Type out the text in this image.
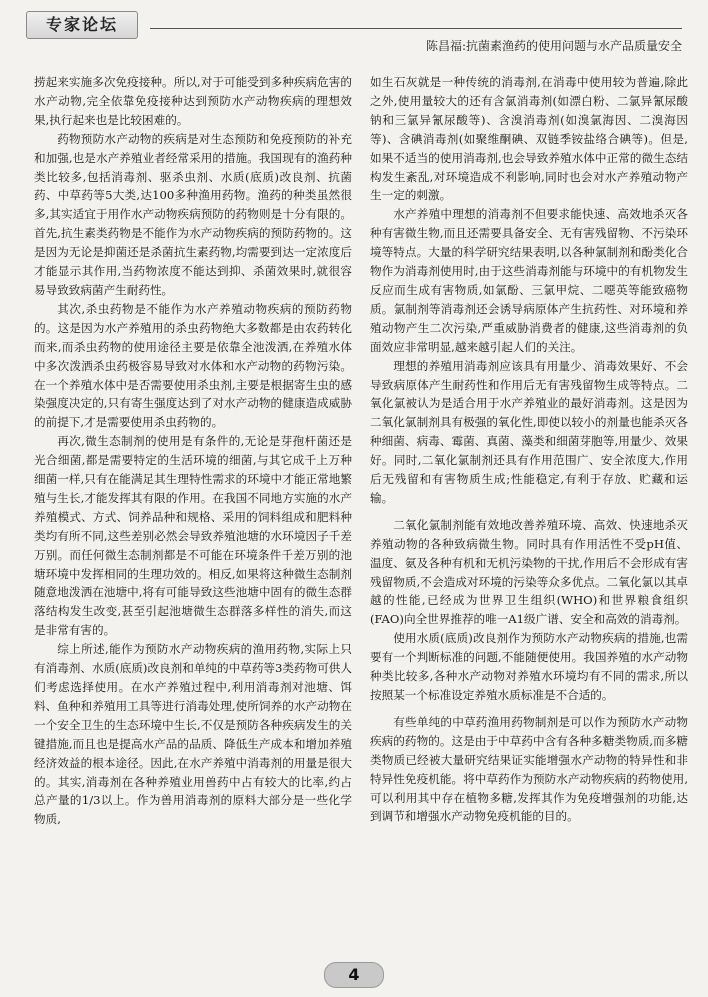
专家论坛
陈昌福:抗菌素渔药的使用问题与水产品质量安全

捞起来实施多次免疫接种。所以,对于可能受到多种疾病危害的水产动物,完全依靠免疫接种达到预防水产动物疾病的理想效果,执行起来也是比较困难的。

药物预防水产动物的疾病是对生态预防和免疫预防的补充和加强,也是水产养殖业者经常采用的措施。我国现有的渔药种类比较多,包括消毒剂、驱杀虫剂、水质(底质)改良剂、抗菌药、中草药等5大类,达100多种渔用药物。渔药的种类虽然很多,其实适宜于用作水产动物疾病预防的药物则是十分有限的。首先,抗生素类药物是不能作为水产动物疾病的预防药物的。这是因为无论是抑菌还是杀菌抗生素药物,均需要到达一定浓度后才能显示其作用,当药物浓度不能达到抑、杀菌效果时,就很容易导致致病菌产生耐药性。

其次,杀虫药物是不能作为水产养殖动物疾病的预防药物的。这是因为水产养殖用的杀虫药物绝大多数都是由农药转化而来,而杀虫药物的使用途径主要是依靠全池泼洒,在养殖水体中多次泼洒杀虫药极容易导致对水体和水产动物的药物污染。在一个养殖水体中是否需要使用杀虫剂,主要是根据寄生虫的感染强度决定的,只有寄生强度达到了对水产动物的健康造成威胁的前提下,才是需要使用杀虫药物的。

再次,微生态制剂的使用是有条件的,无论是芽孢杆菌还是光合细菌,都是需要特定的生活环境的细菌,与其它成千上万种细菌一样,只有在能满足其生理特性需求的环境中才能正常地繁殖与生长,才能发挥其有限的作用。在我国不同地方实施的水产养殖模式、方式、饲养品种和规格、采用的饲料组成和肥料种类均有所不同,这些差别必然会导致养殖池塘的水环境因子千差万别。而任何微生态制剂都是不可能在环境条件千差万别的池塘环境中发挥相同的生理功效的。相反,如果将这种微生态制剂随意地泼洒在池塘中,将有可能导致这些池塘中固有的微生态群落结构发生改变,甚至引起池塘微生态群落多样性的消失,而这是非常有害的。

综上所述,能作为预防水产动物疾病的渔用药物,实际上只有消毒剂、水质(底质)改良剂和单纯的中草药等3类药物可供人们考虑选择使用。在水产养殖过程中,利用消毒剂对池塘、饵料、鱼种和养殖用工具等进行消毒处理,使所饲养的水产动物在一个安全卫生的生态环境中生长,不仅是预防各种疾病发生的关键措施,而且也是提高水产品的品质、降低生产成本和增加养殖经济效益的根本途径。因此,在水产养殖中消毒剂的用量是很大的。其实,消毒剂在各种养殖业用兽药中占有较大的比率,约占总产量的1/3以上。作为兽用消毒剂的原料大部分是一些化学物质,

如生石灰就是一种传统的消毒剂,在消毒中使用较为普遍,除此之外,使用量较大的还有含氯消毒剂(如漂白粉、二氯异氰尿酸钠和三氯异氰尿酸等)、含溴消毒剂(如溴氯海因、二溴海因等)、含碘消毒剂(如聚维酮碘、双链季铵盐络合碘等)。但是,如果不适当的使用消毒剂,也会导致养殖水体中正常的微生态结构发生紊乱,对环境造成不利影响,同时也会对水产养殖动物产生一定的刺激。

水产养殖中理想的消毒剂不但要求能快速、高效地杀灭各种有害微生物,而且还需要具备安全、无有害残留物、不污染环境等特点。大量的科学研究结果表明,以各种氯制剂和酚类化合物作为消毒剂使用时,由于这些消毒剂能与环境中的有机物发生反应而生成有害物质,如氯酚、三氯甲烷、二噁英等能致癌物质。氯制剂等消毒剂还会诱导病原体产生抗药性、对环境和养殖动物产生二次污染,严重威胁消费者的健康,这些消毒剂的负面效应非常明显,越来越引起人们的关注。

理想的养殖用消毒剂应该具有用量少、消毒效果好、不会导致病原体产生耐药性和作用后无有害残留物生成等特点。二氧化氯被认为是适合用于水产养殖业的最好消毒剂。这是因为二氧化氯制剂具有极强的氧化性,即使以较小的剂量也能杀灭各种细菌、病毒、霉菌、真菌、藻类和细菌芽胞等,用量少、效果好。同时,二氧化氯制剂还具有作用范围广、安全浓度大,作用后无残留和有害物质生成;性能稳定,有利于存放、贮藏和运输。

二氧化氯制剂能有效地改善养殖环境、高效、快速地杀灭养殖动物的各种致病微生物。同时具有作用活性不受pH值、温度、氨及各种有机和无机污染物的干扰,作用后不会形成有害残留物质,不会造成对环境的污染等众多优点。二氧化氯以其卓越的性能,已经成为世界卫生组织(WHO)和世界粮食组织(FAO)向全世界推荐的唯一A1级广谱、安全和高效的消毒剂。

使用水质(底质)改良剂作为预防水产动物疾病的措施,也需要有一个判断标准的问题,不能随便使用。我国养殖的水产动物种类比较多,各种水产动物对养殖水环境均有不同的需求,所以按照某一个标准设定养殖水质标准是不合适的。

有些单纯的中草药渔用药物制剂是可以作为预防水产动物疾病的药物的。这是由于中草药中含有各种多糖类物质,而多糖类物质已经被大量研究结果证实能增强水产动物的特异性和非特异性免疫机能。将中草药作为预防水产动物疾病的药物使用,可以利用其中存在植物多糖,发挥其作为免疫增强剂的功能,达到调节和增强水产动物免疫机能的目的。

4
